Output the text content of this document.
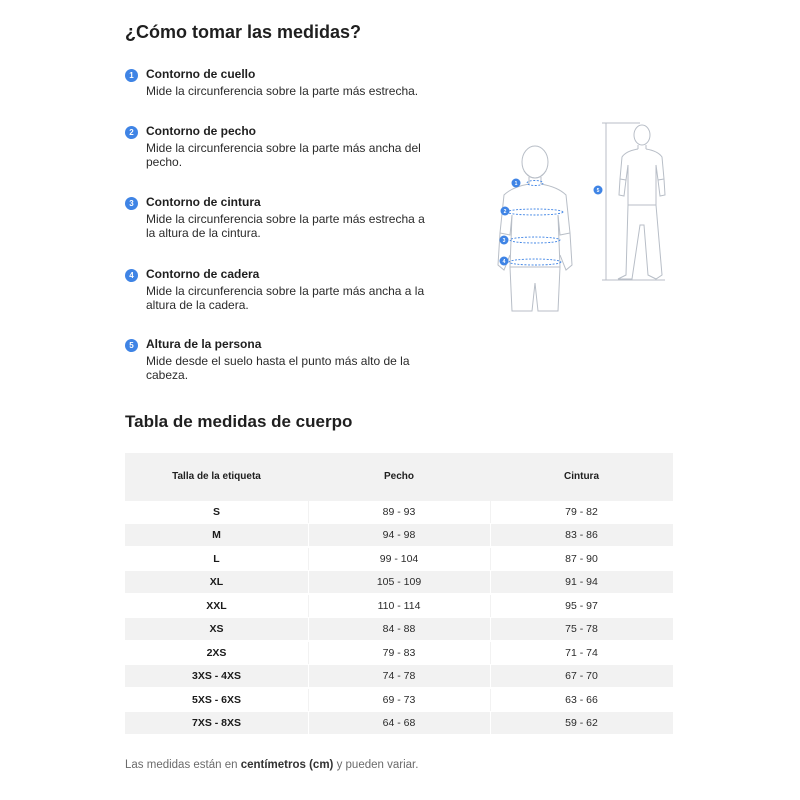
¿Cómo tomar las medidas?
1	Contorno de cuello
Mide la circunferencia sobre la parte más estrecha.
2	Contorno de pecho
Mide la circunferencia sobre la parte más ancha del pecho.
3	Contorno de cintura
Mide la circunferencia sobre la parte más estrecha a la altura de la cintura.
4	Contorno de cadera
Mide la circunferencia sobre la parte más ancha a la altura de la cadera.
5	Altura de la persona
Mide desde el suelo hasta el punto más alto de la cabeza.
1
2
3
4
5
Tabla de medidas de cuerpo
Talla de la etiqueta	Pecho	Cintura
S	89 - 93	79 - 82
M	94 - 98	83 - 86
L	99 - 104	87 - 90
XL	105 - 109	91 - 94
XXL	110 - 114	95 - 97
XS	84 - 88	75 - 78
2XS	79 - 83	71 - 74
3XS - 4XS	74 - 78	67 - 70
5XS - 6XS	69 - 73	63 - 66
7XS - 8XS	64 - 68	59 - 62
Las medidas están en centímetros (cm) y pueden variar.
